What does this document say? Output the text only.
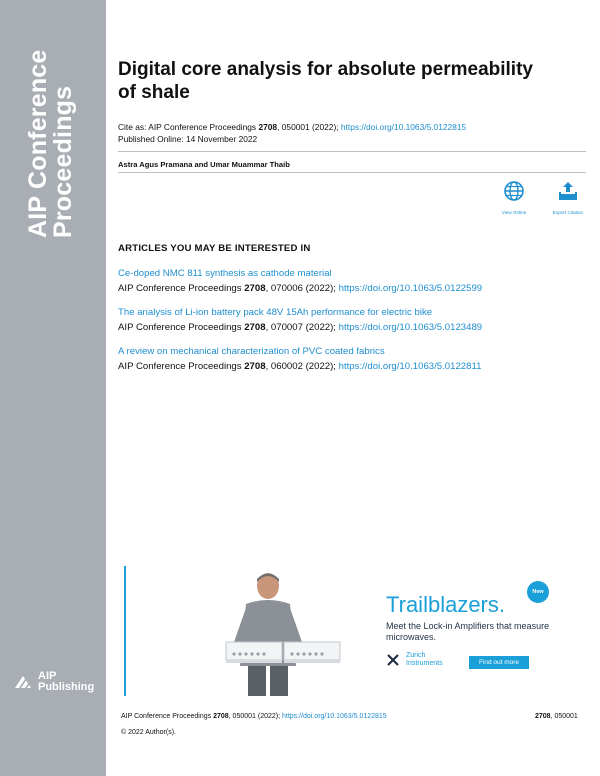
AIP Conference
Proceedings
AIP
Publishing
Digital core analysis for absolute permeability of shale
Cite as: AIP Conference Proceedings 2708, 050001 (2022); https://doi.org/10.1063/5.0122815
Published Online: 14 November 2022
Astra Agus Pramana and Umar Muammar Thaib
View Online	Export Citation
ARTICLES YOU MAY BE INTERESTED IN
Ce-doped NMC 811 synthesis as cathode material
AIP Conference Proceedings 2708, 070006 (2022); https://doi.org/10.1063/5.0122599
The analysis of Li-ion battery pack 48V 15Ah performance for electric bike
AIP Conference Proceedings 2708, 070007 (2022); https://doi.org/10.1063/5.0123489
A review on mechanical characterization of PVC coated fabrics
AIP Conference Proceedings 2708, 060002 (2022); https://doi.org/10.1063/5.0122811
Trailblazers.	New
Meet the Lock-in Amplifiers that measure microwaves.
Zurich
Instruments	Find out more
AIP Conference Proceedings 2708, 050001 (2022); https://doi.org/10.1063/5.0122815	2708, 050001
© 2022 Author(s).
